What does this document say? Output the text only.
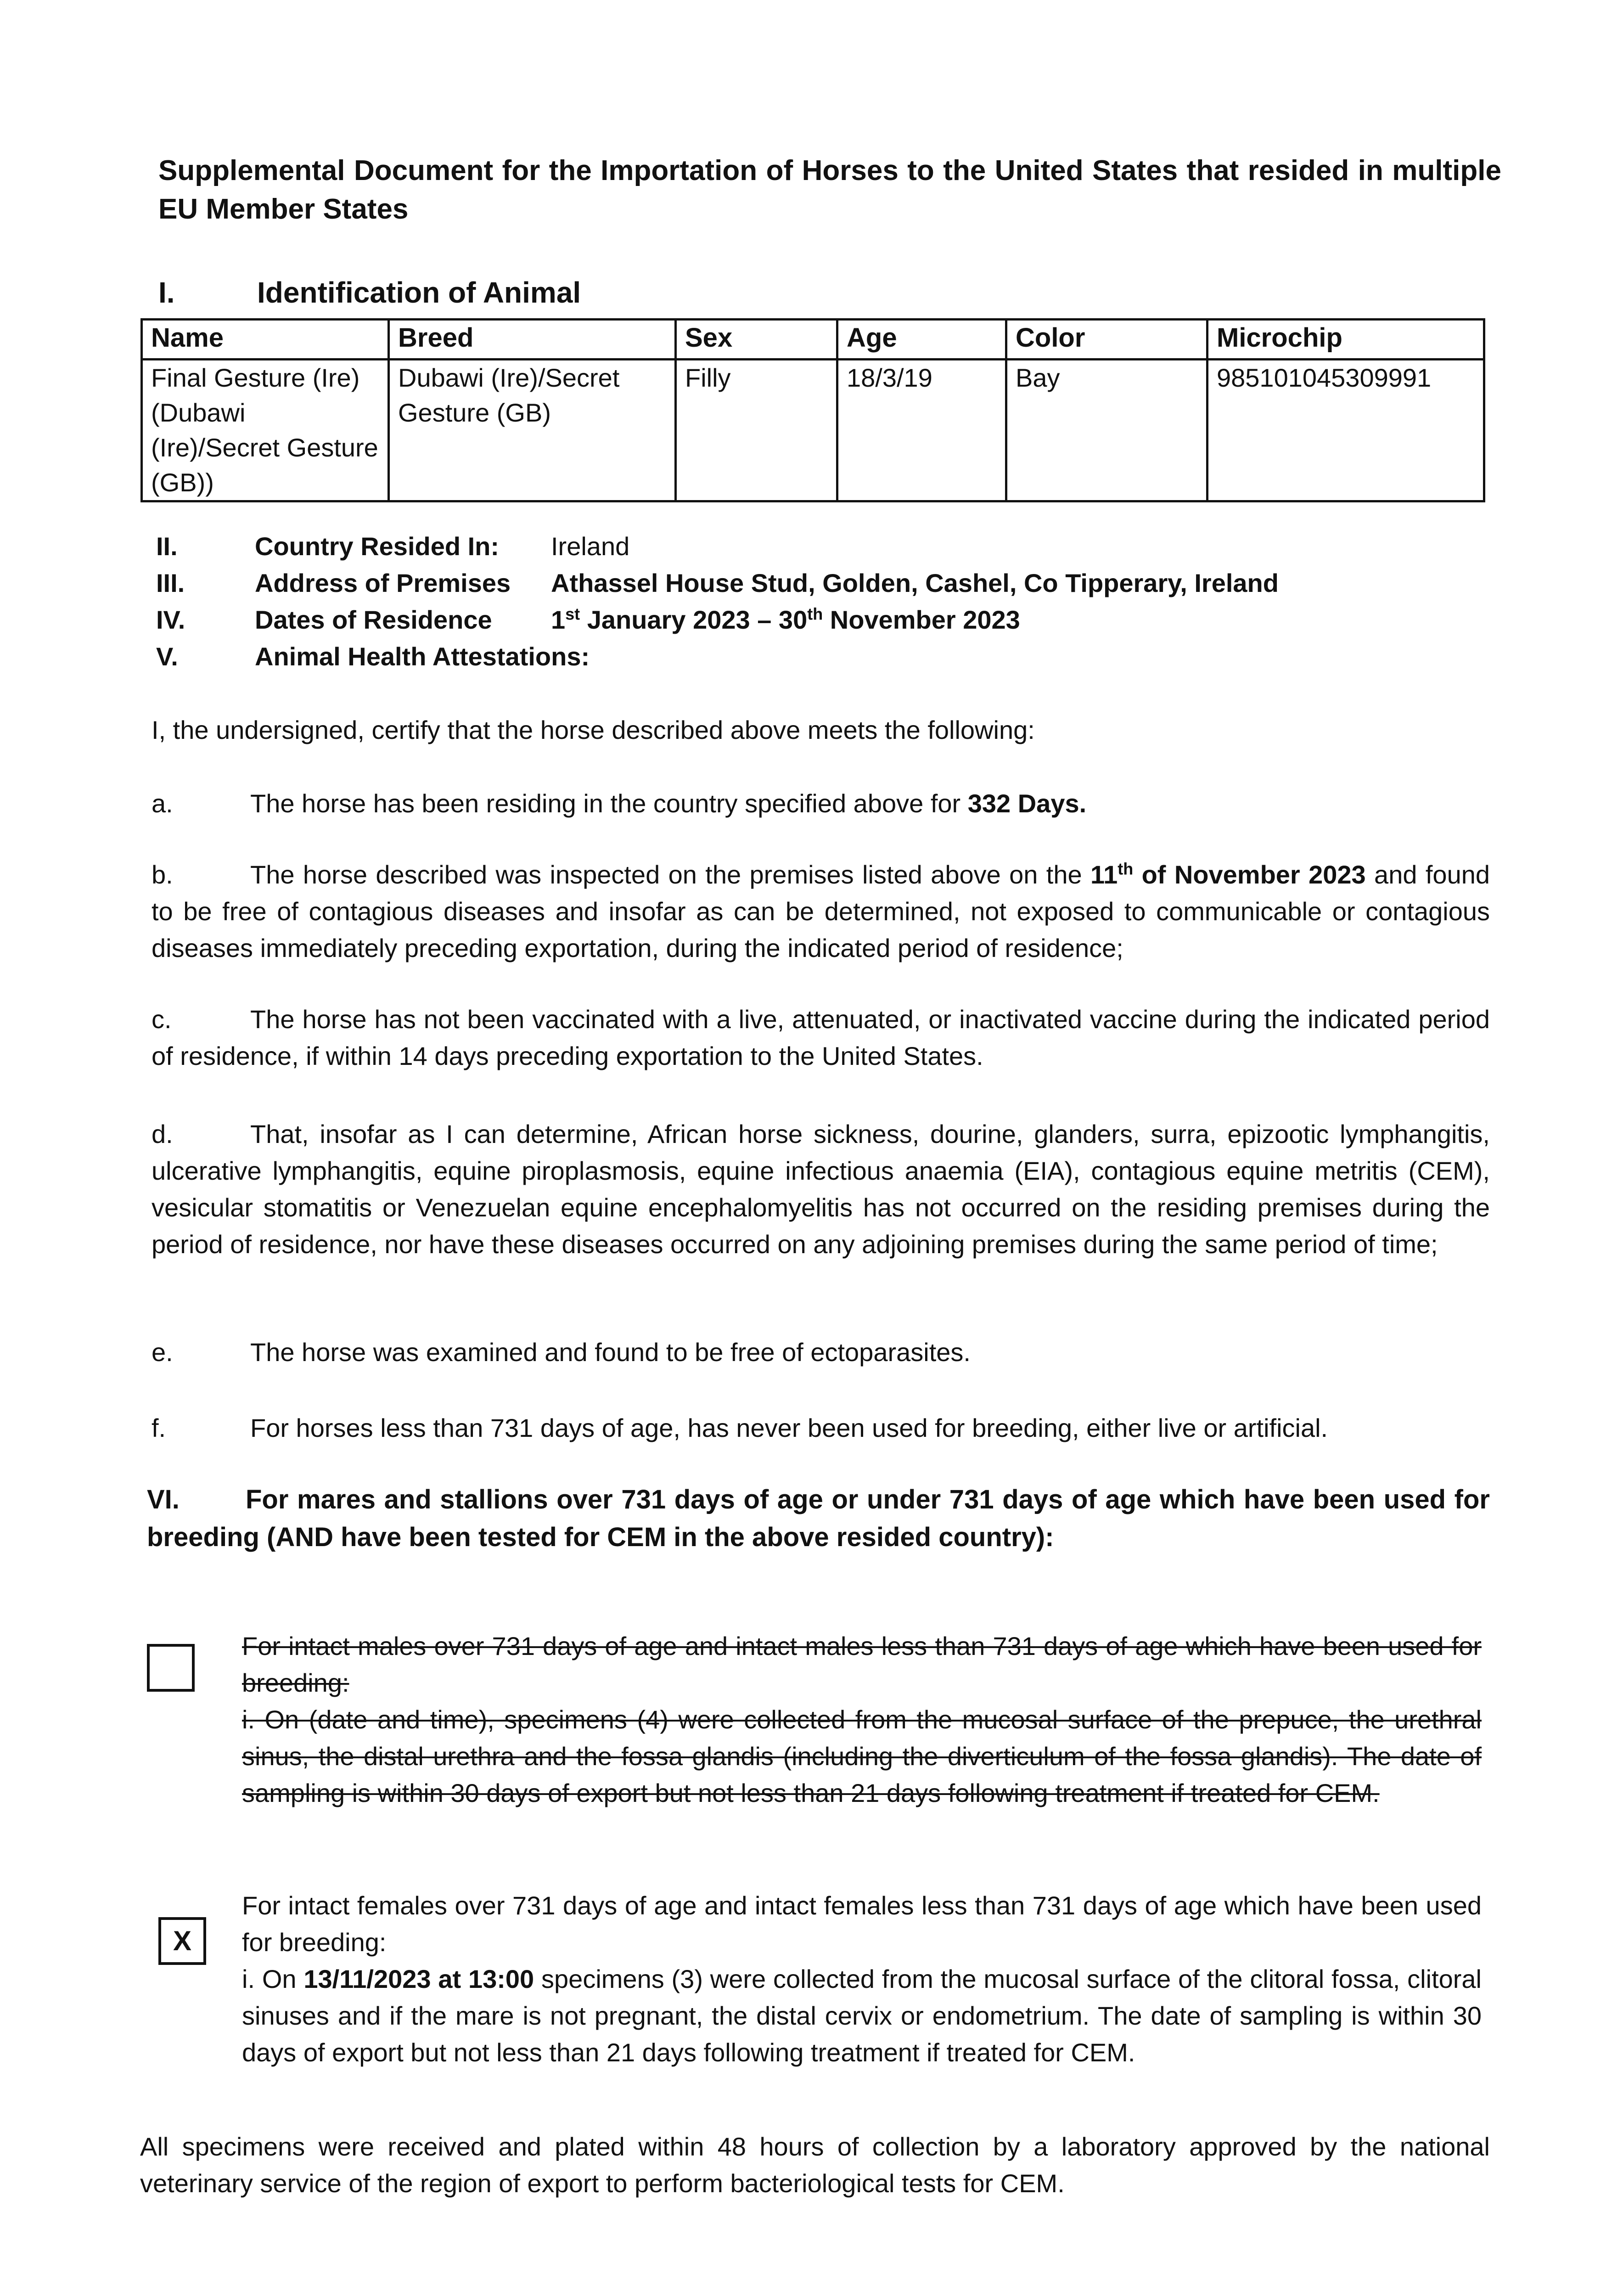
Supplemental Document for the Importation of Horses to the United States that resided in multiple EU Member States
I.	Identification of Animal
Name	Breed	Sex	Age	Color	Microchip
Final Gesture (Ire) (Dubawi (Ire)/Secret Gesture (GB))	Dubawi (Ire)/Secret Gesture (GB)	Filly	18/3/19	Bay	985101045309991
II.	Country Resided In:	Ireland
III.	Address of Premises	Athassel House Stud, Golden, Cashel, Co Tipperary, Ireland
IV.	Dates of Residence	1st January 2023 – 30th November 2023
V.	Animal Health Attestations:
I, the undersigned, certify that the horse described above meets the following:
a.	The horse has been residing in the country specified above for 332 Days.
b.	The horse described was inspected on the premises listed above on the 11th of November 2023 and found to be free of contagious diseases and insofar as can be determined, not exposed to communicable or contagious diseases immediately preceding exportation, during the indicated period of residence;
c.	The horse has not been vaccinated with a live, attenuated, or inactivated vaccine during the indicated period of residence, if within 14 days preceding exportation to the United States.
d.	That, insofar as I can determine, African horse sickness, dourine, glanders, surra, epizootic lymphangitis, ulcerative lymphangitis, equine piroplasmosis, equine infectious anaemia (EIA), contagious equine metritis (CEM), vesicular stomatitis or Venezuelan equine encephalomyelitis has not occurred on the residing premises during the period of residence, nor have these diseases occurred on any adjoining premises during the same period of time;
e.	The horse was examined and found to be free of ectoparasites.
f.	For horses less than 731 days of age, has never been used for breeding, either live or artificial.
VI. For mares and stallions over 731 days of age or under 731 days of age which have been used for breeding (AND have been tested for CEM in the above resided country):
For intact males over 731 days of age and intact males less than 731 days of age which have been used for breeding:
i. On (date and time), specimens (4) were collected from the mucosal surface of the prepuce, the urethral sinus, the distal urethra and the fossa glandis (including the diverticulum of the fossa glandis). The date of sampling is within 30 days of export but not less than 21 days following treatment if treated for CEM.
X
For intact females over 731 days of age and intact females less than 731 days of age which have been used for breeding:
i. On 13/11/2023 at 13:00 specimens (3) were collected from the mucosal surface of the clitoral fossa, clitoral sinuses and if the mare is not pregnant, the distal cervix or endometrium. The date of sampling is within 30 days of export but not less than 21 days following treatment if treated for CEM.
All specimens were received and plated within 48 hours of collection by a laboratory approved by the national veterinary service of the region of export to perform bacteriological tests for CEM.
